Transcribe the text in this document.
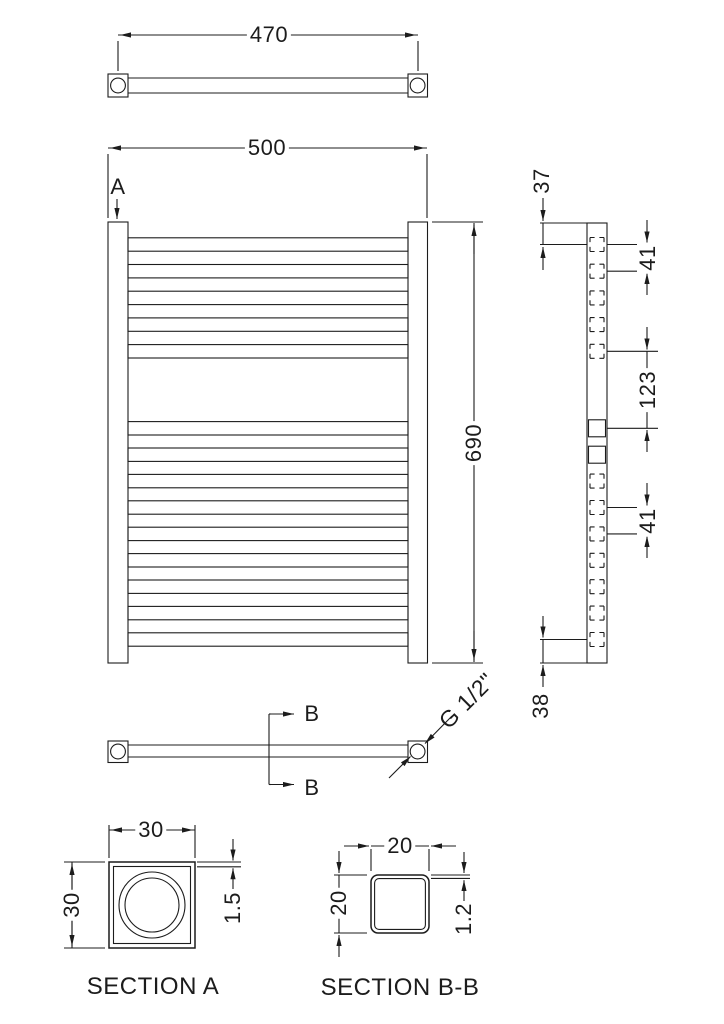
470
500
A
690
37
41
123
41
38
B
B
G 1/2"
30
30	1.5
SECTION A
20
20	1.2
SECTION B-B
